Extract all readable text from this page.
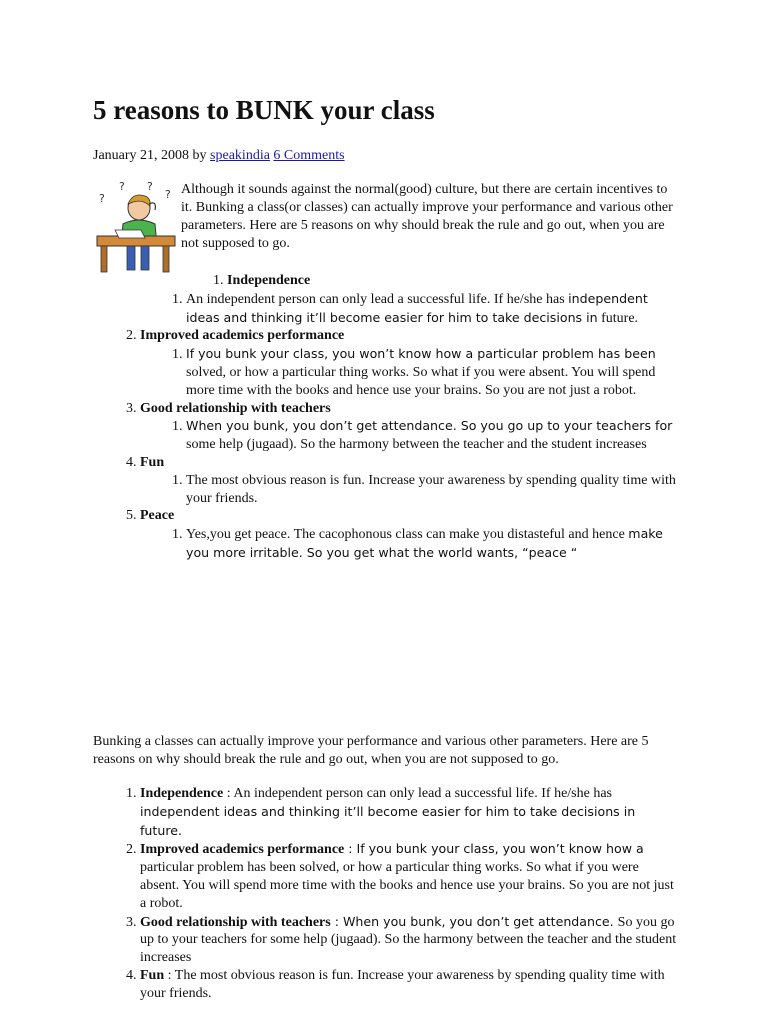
5 reasons to BUNK your class
January 21, 2008 by speakindia 6 Comments
?
? ?
? Although it sounds against the normal(good) culture, but there are certain incentives to it. Bunking a class(or classes) can actually improve your performance and various other parameters. Here are 5 reasons on why should break the rule and go out, when you are not supposed to go.
1. Independence
1. An independent person can only lead a successful life. If he/she has independent ideas and thinking it’ll become easier for him to take decisions in future.
2. Improved academics performance
1. If you bunk your class, you won’t know how a particular problem has been solved, or how a particular thing works. So what if you were absent. You will spend more time with the books and hence use your brains. So you are not just a robot.
3. Good relationship with teachers
1. When you bunk, you don’t get attendance. So you go up to your teachers for some help (jugaad). So the harmony between the teacher and the student increases
4. Fun
1. The most obvious reason is fun. Increase your awareness by spending quality time with your friends.
5. Peace
1. Yes,you get peace. The cacophonous class can make you distasteful and hence make you more irritable. So you get what the world wants, “peace “
Bunking a classes can actually improve your performance and various other parameters. Here are 5 reasons on why should break the rule and go out, when you are not supposed to go.
1. Independence : An independent person can only lead a successful life. If he/she has independent ideas and thinking it’ll become easier for him to take decisions in future.
2. Improved academics performance : If you bunk your class, you won’t know how a particular problem has been solved, or how a particular thing works. So what if you were absent. You will spend more time with the books and hence use your brains. So you are not just a robot.
3. Good relationship with teachers : When you bunk, you don’t get attendance. So you go up to your teachers for some help (jugaad). So the harmony between the teacher and the student increases
4. Fun : The most obvious reason is fun. Increase your awareness by spending quality time with your friends.
